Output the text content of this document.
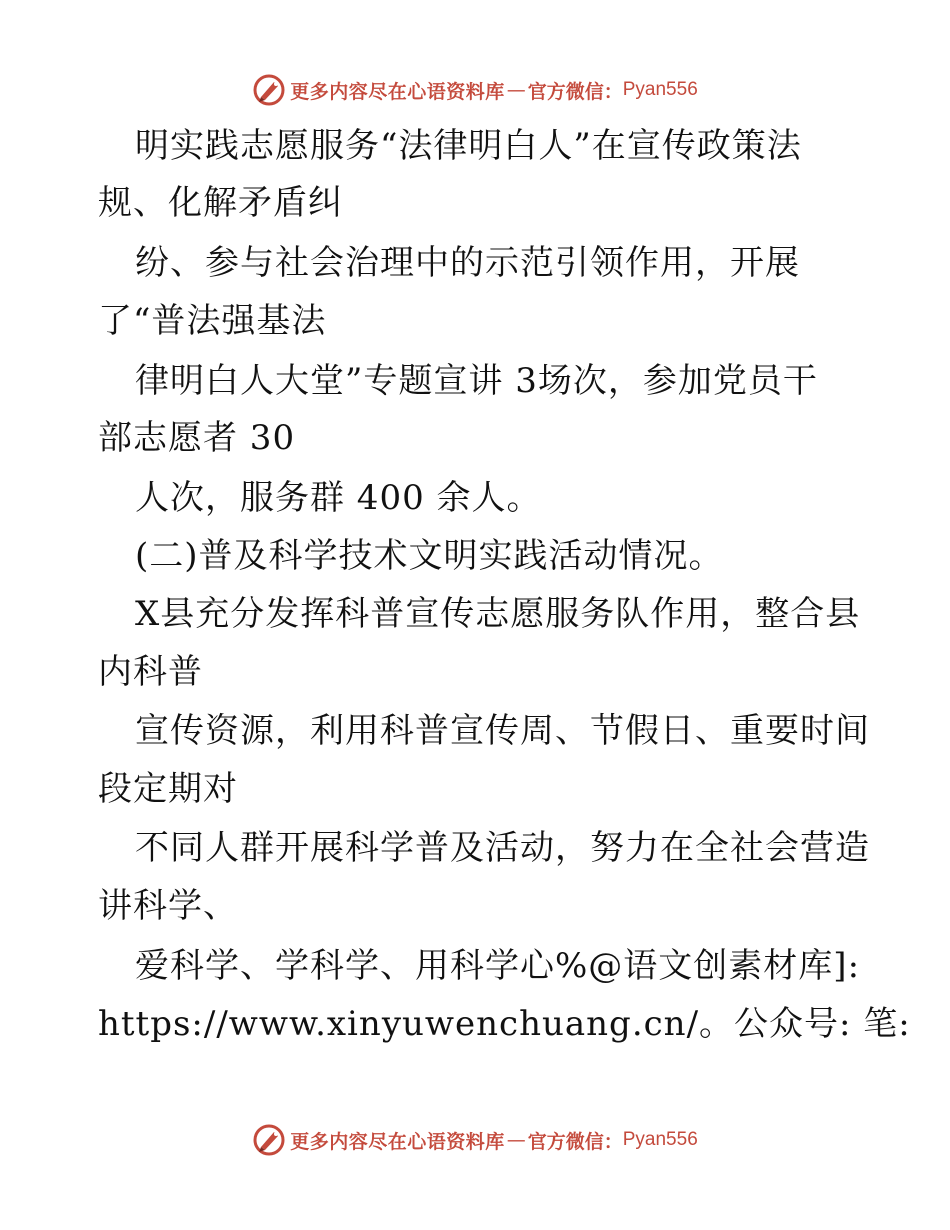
更多内容尽在心语资料库 — 官方微信： Pyan556
明实践志愿服务“法律明白人”在宣传政策法
规、化解矛盾纠
纷、参与社会治理中的示范引领作用，开展
了“普法强基法
律明白人大堂”专题宣讲 3场次，参加党员干
部志愿者 30
人次，服务群 400 余人。
(二)普及科学技术文明实践活动情况。
X县充分发挥科普宣传志愿服务队作用，整合县
内科普
宣传资源，利用科普宣传周、节假日、重要时间
段定期对
不同人群开展科学普及活动，努力在全社会营造
讲科学、
爱科学、学科学、用科学心%@语文创素材库]:
https://www.xinyuwenchuang.cn/。公众号: 笔:
更多内容尽在心语资料库 — 官方微信： Pyan556
